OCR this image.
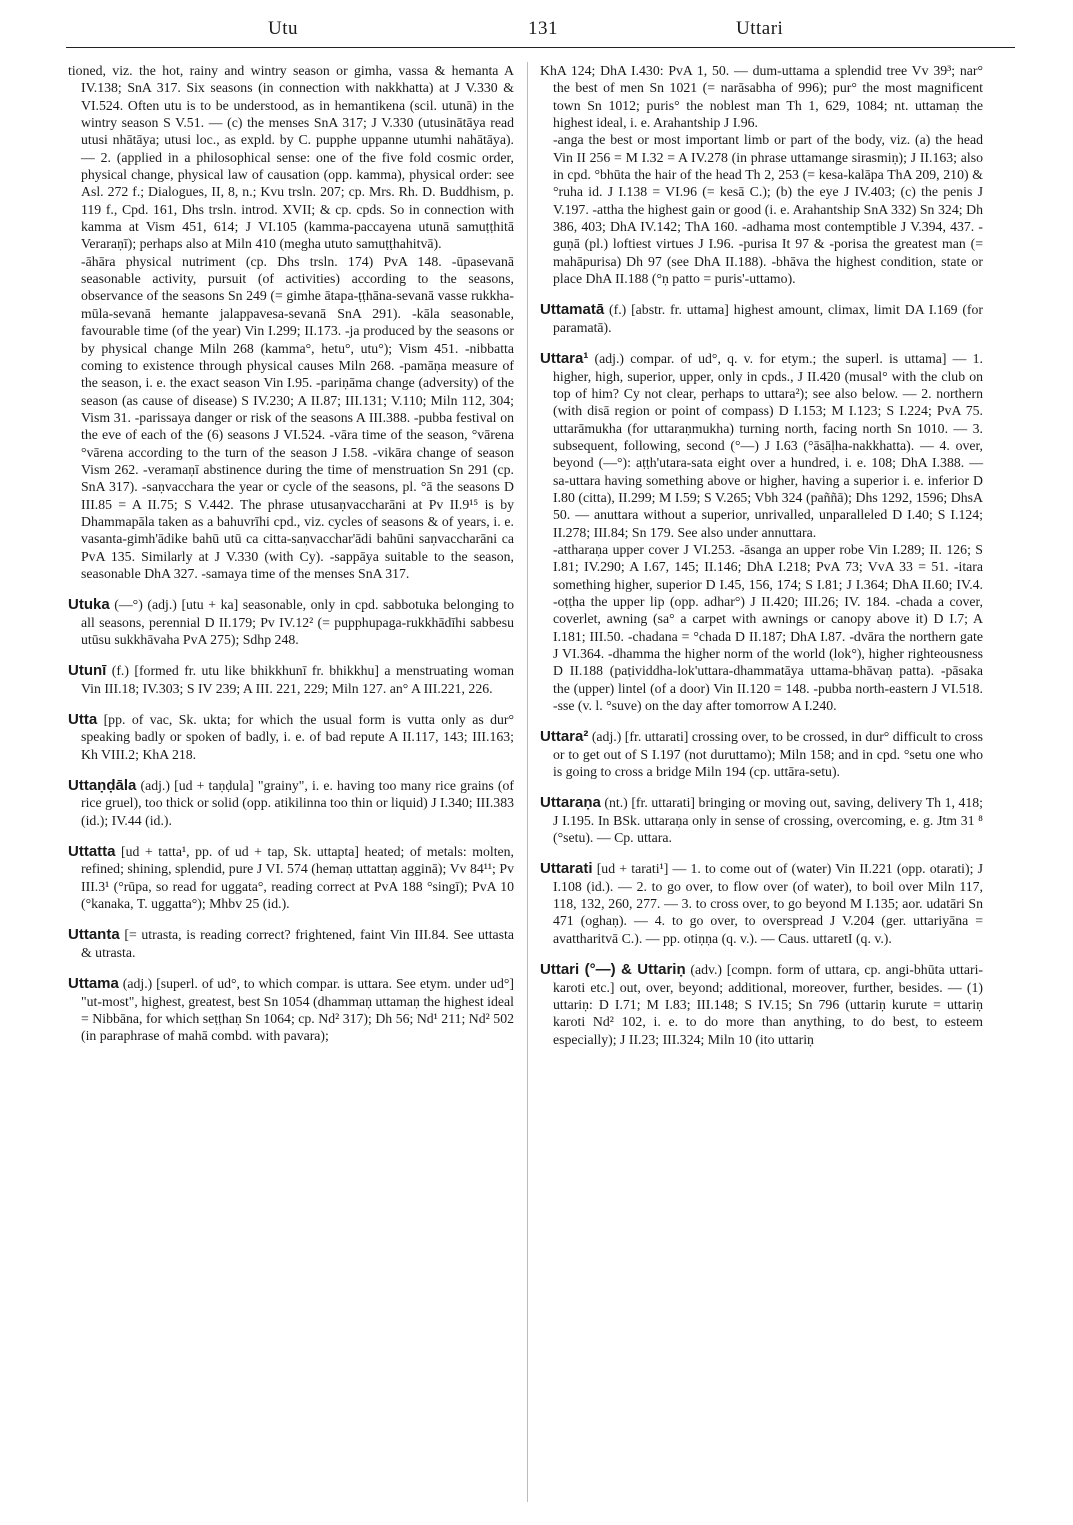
Utu	131	Uttari

tioned, viz. the hot, rainy and wintry season or gimha, vassa & hemanta A IV.138; SnA 317. Six seasons (in connection with nakkhatta) at J V.330 & VI.524. Often utu is to be understood, as in hemantikena (scil. utunā) in the wintry season S V.51. — (c) the menses SnA 317; J V.330 (utusinātāya read utusi nhātāya; utusi loc., as expld. by C. pupphe uppanne utumhi nahātāya). — 2. (applied in a philosophical sense: one of the five fold cosmic order, physical change, physical law of causation (opp. kamma), physical order: see Asl. 272 f.; Dialogues, II, 8, n.; Kvu trsln. 207; cp. Mrs. Rh. D. Buddhism, p. 119 f., Cpd. 161, Dhs trsln. introd. XVII; & cp. cpds. So in connection with kamma at Vism 451, 614; J VI.105 (kamma-paccayena utunā samuṭṭhitā Veraraṇī); perhaps also at Miln 410 (megha ututo samuṭṭhahitvā).

-āhāra physical nutriment (cp. Dhs trsln. 174) PvA 148. -ūpasevanā seasonable activity, pursuit (of activities) according to the seasons, observance of the seasons Sn 249 (= gimhe ātapa-ṭṭhāna-sevanā vasse rukkha-mūla-sevanā hemante jalappavesa-sevanā SnA 291). -kāla seasonable, favourable time (of the year) Vin I.299; II.173. -ja produced by the seasons or by physical change Miln 268 (kamma°, hetu°, utu°); Vism 451. -nibbatta coming to existence through physical causes Miln 268. -pamāṇa measure of the season, i. e. the exact season Vin I.95. -pariṇāma change (adversity) of the season (as cause of disease) S IV.230; A II.87; III.131; V.110; Miln 112, 304; Vism 31. -parissaya danger or risk of the seasons A III.388. -pubba festival on the eve of each of the (6) seasons J VI.524. -vāra time of the season, °vārena °vārena according to the turn of the season J I.58. -vikāra change of season Vism 262. -veramaṇī abstinence during the time of menstruation Sn 291 (cp. SnA 317). -saṇvacchara the year or cycle of the seasons, pl. °ā the seasons D III.85 = A II.75; S V.442. The phrase utusaṇvaccharāni at Pv II.9¹⁵ is by Dhammapāla taken as a bahuvrīhi cpd., viz. cycles of seasons & of years, i. e. vasanta-gimh'ādike bahū utū ca citta-saṇvacchar'ādi bahūni saṇvaccharāni ca PvA 135. Similarly at J V.330 (with Cy). -sappāya suitable to the season, seasonable DhA 327. -samaya time of the menses SnA 317.

Utuka (—°) (adj.) [utu + ka] seasonable, only in cpd. sabbotuka belonging to all seasons, perennial D II.179; Pv IV.12² (= pupphupaga-rukkhādīhi sabbesu utūsu sukkhāvaha PvA 275); Sdhp 248.

Utunī (f.) [formed fr. utu like bhikkhunī fr. bhikkhu] a menstruating woman Vin III.18; IV.303; S IV 239; A III. 221, 229; Miln 127. an° A III.221, 226.

Utta [pp. of vac, Sk. ukta; for which the usual form is vutta only as dur° speaking badly or spoken of badly, i. e. of bad repute A II.117, 143; III.163; Kh VIII.2; KhA 218.

Uttaṇḍāla (adj.) [ud + taṇḍula] "grainy", i. e. having too many rice grains (of rice gruel), too thick or solid (opp. atikilinna too thin or liquid) J I.340; III.383 (id.); IV.44 (id.).

Uttatta [ud + tatta¹, pp. of ud + tap, Sk. uttapta] heated; of metals: molten, refined; shining, splendid, pure J VI. 574 (hemaṇ uttattaṇ agginā); Vv 84¹¹; Pv III.3¹ (°rūpa, so read for uggata°, reading correct at PvA 188 °singī); PvA 10 (°kanaka, T. uggatta°); Mhbv 25 (id.).

Uttanta [= utrasta, is reading correct? frightened, faint Vin III.84. See uttasta & utrasta.

Uttama (adj.) [superl. of ud°, to which compar. is uttara. See etym. under ud°] "ut-most", highest, greatest, best Sn 1054 (dhammaṇ uttamaṇ the highest ideal = Nibbāna, for which seṭṭhaṇ Sn 1064; cp. Nd² 317); Dh 56; Nd¹ 211; Nd² 502 (in paraphrase of mahā combd. with pavara);

KhA 124; DhA I.430: PvA 1, 50. — dum-uttama a splendid tree Vv 39³; nar° the best of men Sn 1021 (= narāsabha of 996); pur° the most magnificent town Sn 1012; puris° the noblest man Th 1, 629, 1084; nt. uttamaṇ the highest ideal, i. e. Arahantship J I.96.

-anga the best or most important limb or part of the body, viz. (a) the head Vin II 256 = M I.32 = A IV.278 (in phrase uttamange sirasmiṇ); J II.163; also in cpd. °bhūta the hair of the head Th 2, 253 (= kesa-kalāpa ThA 209, 210) & °ruha id. J I.138 = VI.96 (= kesā C.); (b) the eye J IV.403; (c) the penis J V.197. -attha the highest gain or good (i. e. Arahantship SnA 332) Sn 324; Dh 386, 403; DhA IV.142; ThA 160. -adhama most contemptible J V.394, 437. -guṇā (pl.) loftiest virtues J I.96. -purisa It 97 & -porisa the greatest man (= mahāpurisa) Dh 97 (see DhA II.188). -bhāva the highest condition, state or place DhA II.188 (°ṇ patto = puris'-uttamo).

Uttamatā (f.) [abstr. fr. uttama] highest amount, climax, limit DA I.169 (for paramatā).

Uttara¹ (adj.) compar. of ud°, q. v. for etym.; the superl. is uttama] — 1. higher, high, superior, upper, only in cpds., J II.420 (musal° with the club on top of him? Cy not clear, perhaps to uttara²); see also below. — 2. northern (with disā region or point of compass) D I.153; M I.123; S I.224; PvA 75. uttarāmukha (for uttaraṇmukha) turning north, facing north Sn 1010. — 3. subsequent, following, second (°—) J I.63 (°āsāḷha-nakkhatta). — 4. over, beyond (—°): aṭṭh'utara-sata eight over a hundred, i. e. 108; DhA I.388. — sa-uttara having something above or higher, having a superior i. e. inferior D I.80 (citta), II.299; M I.59; S V.265; Vbh 324 (paññā); Dhs 1292, 1596; DhsA 50. — anuttara without a superior, unrivalled, unparalleled D I.40; S I.124; II.278; III.84; Sn 179. See also under annuttara.

-attharaṇa upper cover J VI.253. -āsanga an upper robe Vin I.289; II. 126; S I.81; IV.290; A I.67, 145; II.146; DhA I.218; PvA 73; VvA 33 = 51. -itara something higher, superior D I.45, 156, 174; S I.81; J I.364; DhA II.60; IV.4. -oṭṭha the upper lip (opp. adhar°) J II.420; III.26; IV. 184. -chada a cover, coverlet, awning (sa° a carpet with awnings or canopy above it) D I.7; A I.181; III.50. -chadana = °chada D II.187; DhA I.87. -dvāra the northern gate J VI.364. -dhamma the higher norm of the world (lok°), higher righteousness D II.188 (paṭividdha-lok'uttara-dhammatāya uttama-bhāvaṇ patta). -pāsaka the (upper) lintel (of a door) Vin II.120 = 148. -pubba north-eastern J VI.518. -sse (v. l. °suve) on the day after tomorrow A I.240.

Uttara² (adj.) [fr. uttarati] crossing over, to be crossed, in dur° difficult to cross or to get out of S I.197 (not duruttamo); Miln 158; and in cpd. °setu one who is going to cross a bridge Miln 194 (cp. uttāra-setu).

Uttaraṇa (nt.) [fr. uttarati] bringing or moving out, saving, delivery Th 1, 418; J I.195. In BSk. uttaraṇa only in sense of crossing, overcoming, e. g. Jtm 31 ⁸ (°setu). — Cp. uttara.

Uttarati [ud + tarati¹] — 1. to come out of (water) Vin II.221 (opp. otarati); J I.108 (id.). — 2. to go over, to flow over (of water), to boil over Miln 117, 118, 132, 260, 277. — 3. to cross over, to go beyond M I.135; aor. udatāri Sn 471 (oghaṇ). — 4. to go over, to overspread J V.204 (ger. uttariyāna = avattharitvā C.). — pp. otiṇṇa (q. v.). — Caus. uttaretI (q. v.).

Uttari (°—) & Uttariṇ (adv.) [compn. form of uttara, cp. angi-bhūta uttari-karoti etc.] out, over, beyond; additional, moreover, further, besides. — (1) uttariṇ: D I.71; M I.83; III.148; S IV.15; Sn 796 (uttariṇ kurute = uttariṇ karoti Nd² 102, i. e. to do more than anything, to do best, to esteem especially); J II.23; III.324; Miln 10 (ito uttariṇ
